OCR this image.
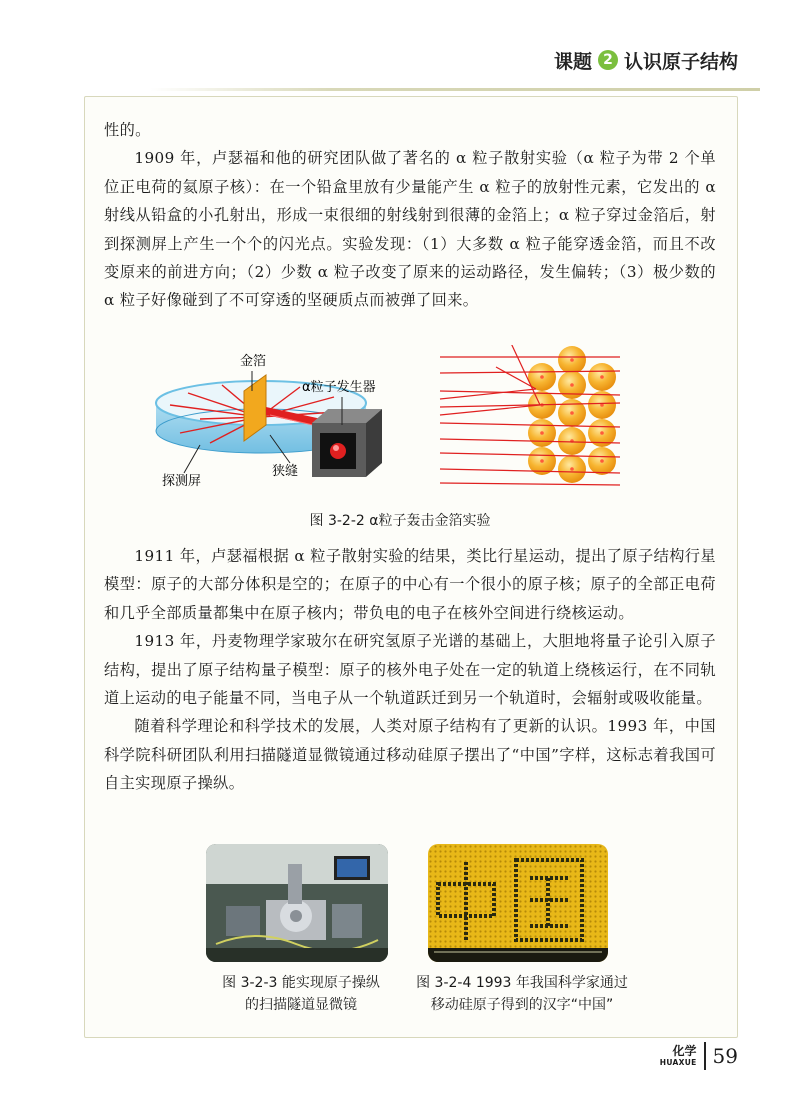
课题 2 认识原子结构

性的。

1909 年，卢瑟福和他的研究团队做了著名的 α 粒子散射实验（α 粒子为带 2 个单位正电荷的氦原子核）：在一个铅盒里放有少量能产生 α 粒子的放射性元素，它发出的 α 射线从铅盒的小孔射出，形成一束很细的射线射到很薄的金箔上；α 粒子穿过金箔后，射到探测屏上产生一个个的闪光点。实验发现：（1）大多数 α 粒子能穿透金箔，而且不改变原来的前进方向；（2）少数 α 粒子改变了原来的运动路径，发生偏转；（3）极少数的 α 粒子好像碰到了不可穿透的坚硬质点而被弹了回来。

金箔
α粒子发生器
探测屏
狭缝
图 3-2-2 α粒子轰击金箔实验

1911 年，卢瑟福根据 α 粒子散射实验的结果，类比行星运动，提出了原子结构行星模型：原子的大部分体积是空的；在原子的中心有一个很小的原子核；原子的全部正电荷和几乎全部质量都集中在原子核内；带负电的电子在核外空间进行绕核运动。

1913 年，丹麦物理学家玻尔在研究氢原子光谱的基础上，大胆地将量子论引入原子结构，提出了原子结构量子模型：原子的核外电子处在一定的轨道上绕核运行，在不同轨道上运动的电子能量不同，当电子从一个轨道跃迁到另一个轨道时，会辐射或吸收能量。

随着科学理论和科学技术的发展，人类对原子结构有了更新的认识。1993 年，中国科学院科研团队利用扫描隧道显微镜通过移动硅原子摆出了“中国”字样，这标志着我国可自主实现原子操纵。

图 3-2-3 能实现原子操纵
的扫描隧道显微镜
图 3-2-4 1993 年我国科学家通过
移动硅原子得到的汉字“中国”
化学
HUAXUE 59
